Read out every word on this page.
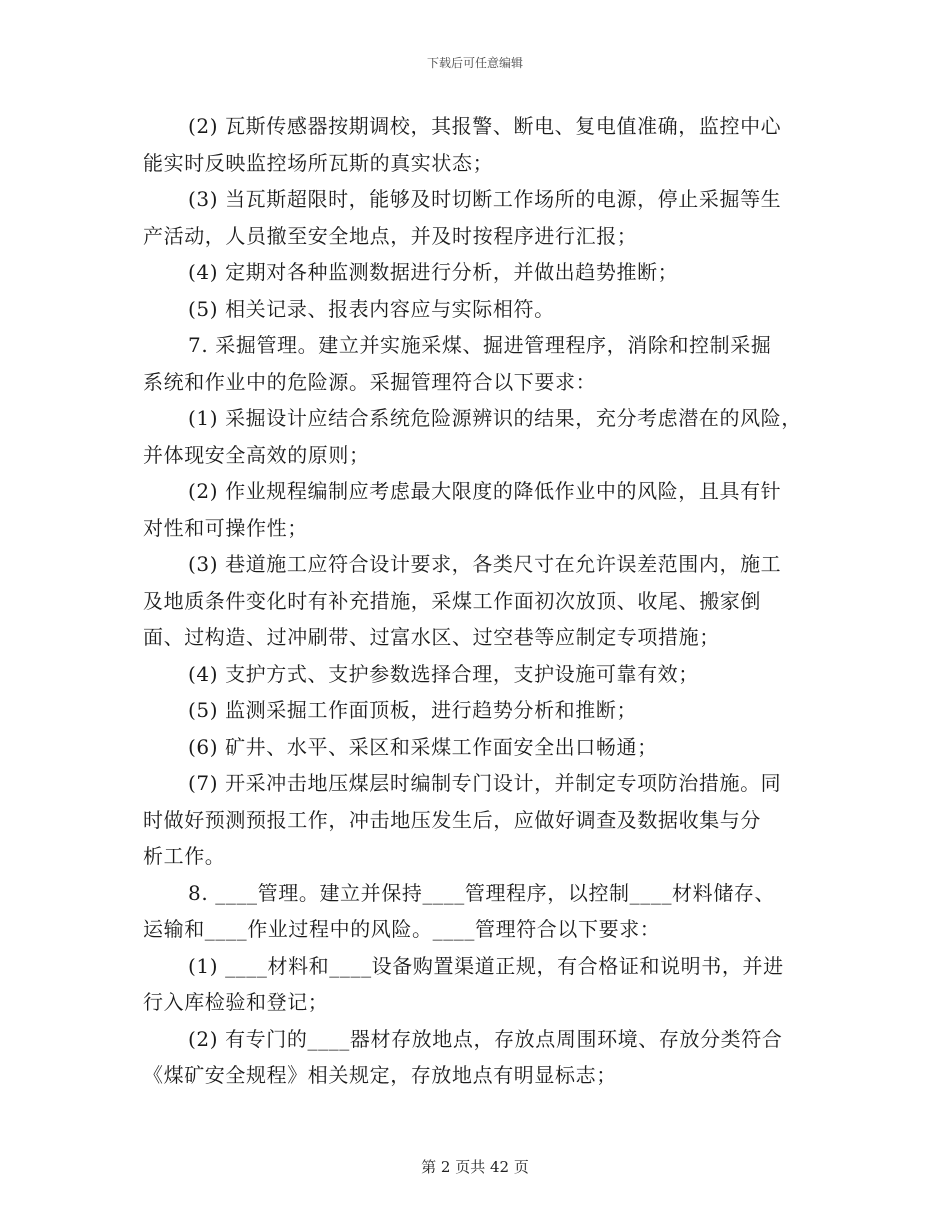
下载后可任意编辑

(2) 瓦斯传感器按期调校，其报警、断电、复电值准确，监控中心
能实时反映监控场所瓦斯的真实状态；

(3) 当瓦斯超限时，能够及时切断工作场所的电源，停止采掘等生
产活动，人员撤至安全地点，并及时按程序进行汇报；

(4) 定期对各种监测数据进行分析，并做出趋势推断；

(5) 相关记录、报表内容应与实际相符。

7. 采掘管理。建立并实施采煤、掘进管理程序，消除和控制采掘
系统和作业中的危险源。采掘管理符合以下要求：

(1) 采掘设计应结合系统危险源辨识的结果，充分考虑潜在的风险，
并体现安全高效的原则；

(2) 作业规程编制应考虑最大限度的降低作业中的风险，且具有针
对性和可操作性；

(3) 巷道施工应符合设计要求，各类尺寸在允许误差范围内，施工
及地质条件变化时有补充措施，采煤工作面初次放顶、收尾、搬家倒
面、过构造、过冲刷带、过富水区、过空巷等应制定专项措施；

(4) 支护方式、支护参数选择合理，支护设施可靠有效；

(5) 监测采掘工作面顶板，进行趋势分析和推断；

(6) 矿井、水平、采区和采煤工作面安全出口畅通；

(7) 开采冲击地压煤层时编制专门设计，并制定专项防治措施。同
时做好预测预报工作，冲击地压发生后，应做好调查及数据收集与分
析工作。

8. ____管理。建立并保持____管理程序，以控制____材料储存、
运输和____作业过程中的风险。____管理符合以下要求：

(1) ____材料和____设备购置渠道正规，有合格证和说明书，并进
行入库检验和登记；

(2) 有专门的____器材存放地点，存放点周围环境、存放分类符合
《煤矿安全规程》相关规定，存放地点有明显标志；

第 2 页共 42 页
